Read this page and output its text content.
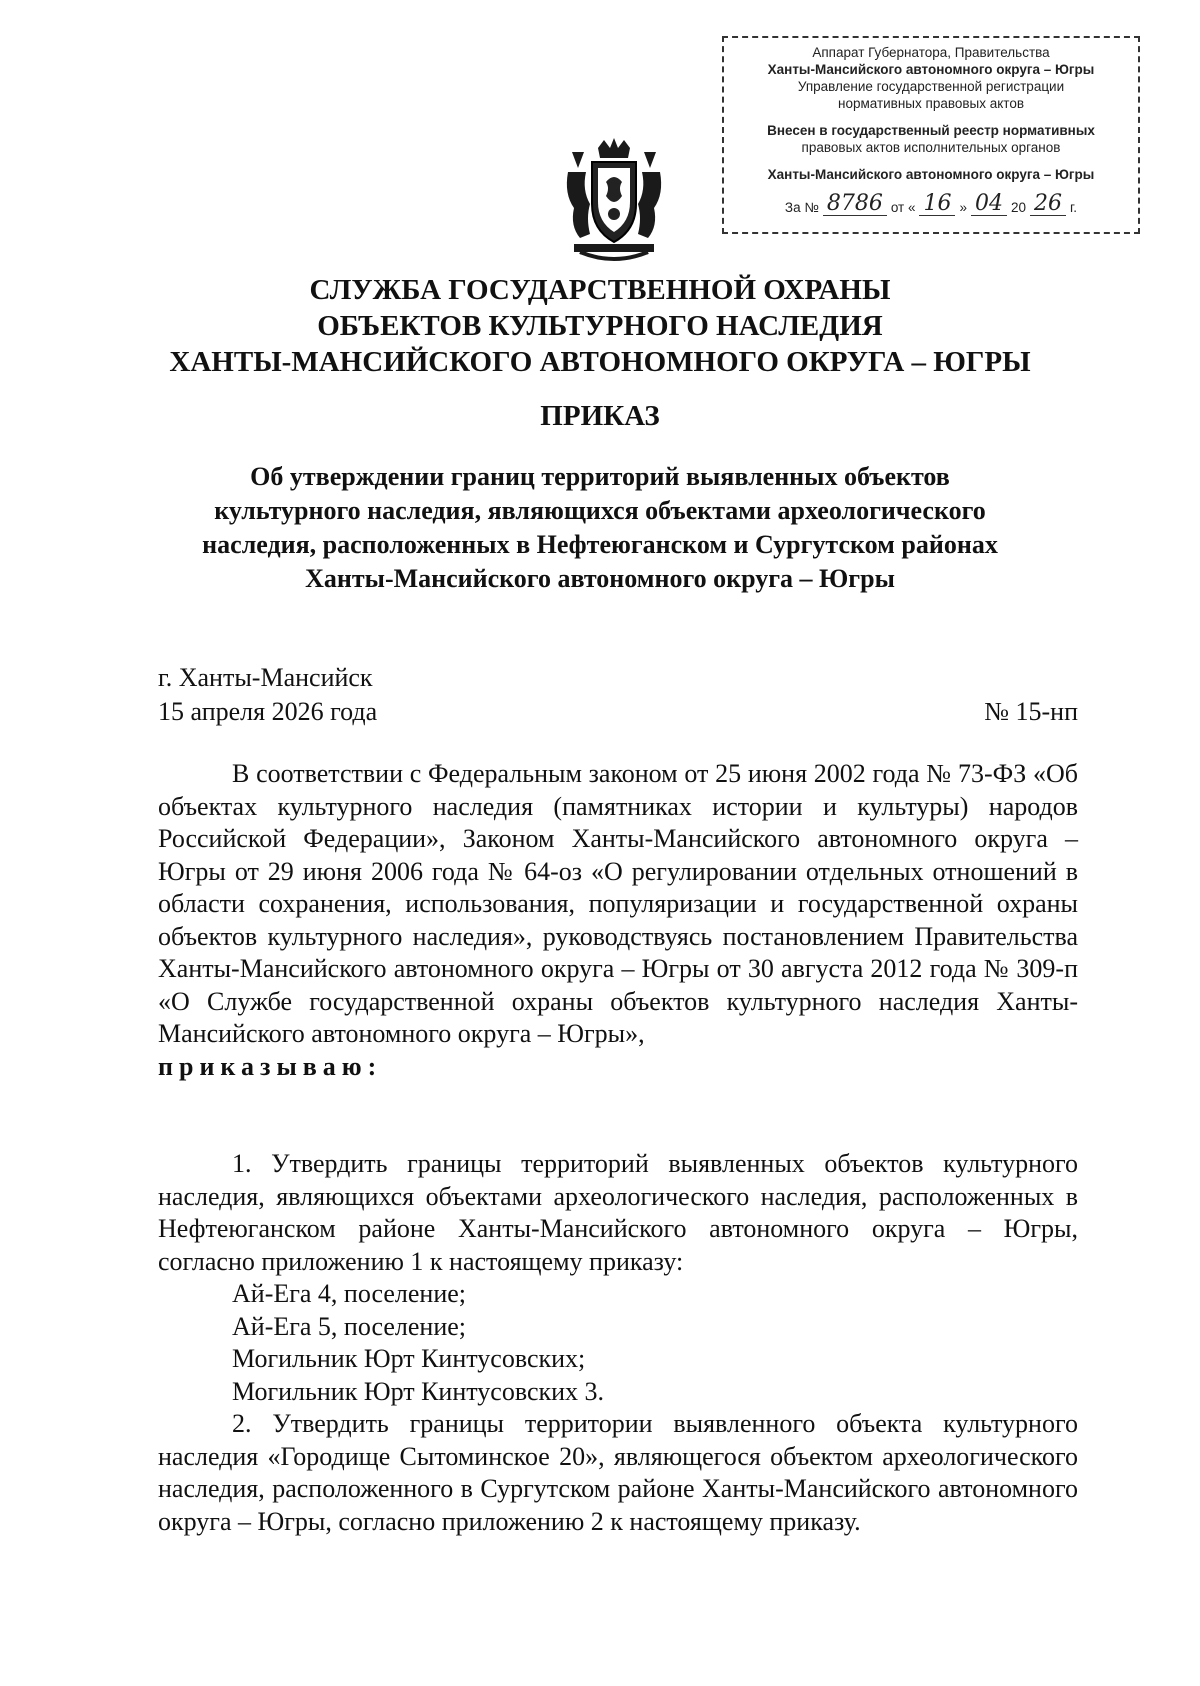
Аппарат Губернатора, Правительства
Ханты-Мансийского автономного округа – Югры
Управление государственной регистрации
нормативных правовых актов
Внесен в государственный реестр нормативных
правовых актов исполнительных органов
Ханты-Мансийского автономного округа – Югры
За № 8786 от « 16 » 04 20 26 г.
СЛУЖБА ГОСУДАРСТВЕННОЙ ОХРАНЫ
ОБЪЕКТОВ КУЛЬТУРНОГО НАСЛЕДИЯ
ХАНТЫ-МАНСИЙСКОГО АВТОНОМНОГО ОКРУГА – ЮГРЫ
ПРИКАЗ
Об утверждении границ территорий выявленных объектов
культурного наследия, являющихся объектами археологического
наследия, расположенных в Нефтеюганском и Сургутском районах
Ханты-Мансийского автономного округа – Югры
г. Ханты-Мансийск
15 апреля 2026 года	№ 15-нп
В соответствии с Федеральным законом от 25 июня 2002 года № 73-ФЗ «Об объектах культурного наследия (памятниках истории и культуры) народов Российской Федерации», Законом Ханты-Мансийского автономного округа – Югры от 29 июня 2006 года № 64-оз «О регулировании отдельных отношений в области сохранения, использования, популяризации и государственной охраны объектов культурного наследия», руководствуясь постановлением Правительства Ханты-Мансийского автономного округа – Югры от 30 августа 2012 года № 309-п «О Службе государственной охраны объектов культурного наследия Ханты-Мансийского автономного округа – Югры»,
приказываю:
1. Утвердить границы территорий выявленных объектов культурного наследия, являющихся объектами археологического наследия, расположенных в Нефтеюганском районе Ханты-Мансийского автономного округа – Югры, согласно приложению 1 к настоящему приказу:
Ай-Ега 4, поселение;
Ай-Ега 5, поселение;
Могильник Юрт Кинтусовских;
Могильник Юрт Кинтусовских 3.
2. Утвердить границы территории выявленного объекта культурного наследия «Городище Сытоминское 20», являющегося объектом археологического наследия, расположенного в Сургутском районе Ханты-Мансийского автономного округа – Югры, согласно приложению 2 к настоящему приказу.
